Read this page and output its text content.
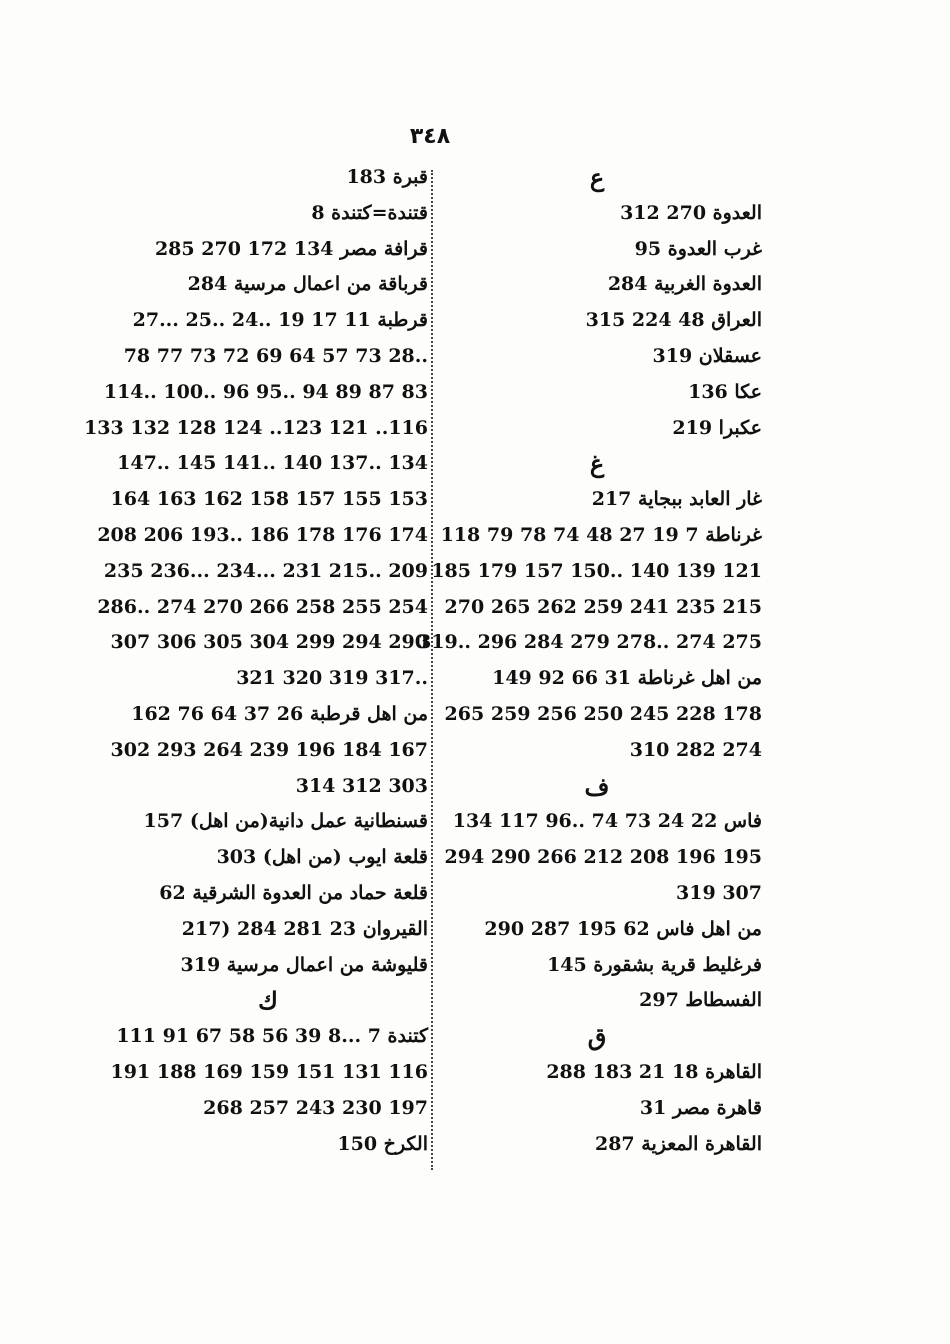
٣٤٨
ع
العدوة 270 312
غرب العدوة 95
العدوة الغربية 284
العراق 48 224 315
عسقلان 319
عكا 136
عكبرا 219
غ
غار العابد ببجاية 217
غرناطة 7 19 27 48 74 78 79 118
121 139 140 ..150 157 179 185
215 235 241 259 262 265 270
275 274 ..278 279 284 296 ..319
من اهل غرناطة 31 66 92 149
178 228 245 250 256 259 265
274 282 310
ف
فاس 22 24 73 74 ..96 117 134
195 196 208 212 266 290 294
307 319
من اهل فاس 62 195 287 290
فرغليط قرية بشقورة 145
الفسطاط 297
ق
القاهرة 18 21 183 288
قاهرة مصر 31
القاهرة المعزية 287
قبرة 183
قتندة=كتندة 8
قرافة مصر 134 172 270 285
قرباقة من اعمال مرسية 284
قرطبة 11 17 19 ..24 ..25 ...27
..28 73 57 64 69 72 73 77 78
83 87 89 94 ..95 96 ..100 ..114
116.. 121 123.. 124 128 132 133
134 ..137 140 ..141 145 ..147
153 155 157 158 162 163 164
174 176 178 186 ..193 206 208
209 ..215 231 ...234 ...236 235
254 255 258 266 270 274 ..286
290 294 299 304 305 306 307
..317 319 320 321
من اهل قرطبة 26 37 64 76 162
167 184 196 239 264 293 302
303 312 314
قسنطانية عمل دانية(من اهل) 157
قلعة ايوب (من اهل) 303
قلعة حماد من العدوة الشرقية 62
القيروان 23 281 284 (217
قليوشة من اعمال مرسية 319
ك
كتندة 7 ...8 39 56 58 67 91 111
116 131 151 159 169 188 191
197 230 243 257 268
الكرخ 150
